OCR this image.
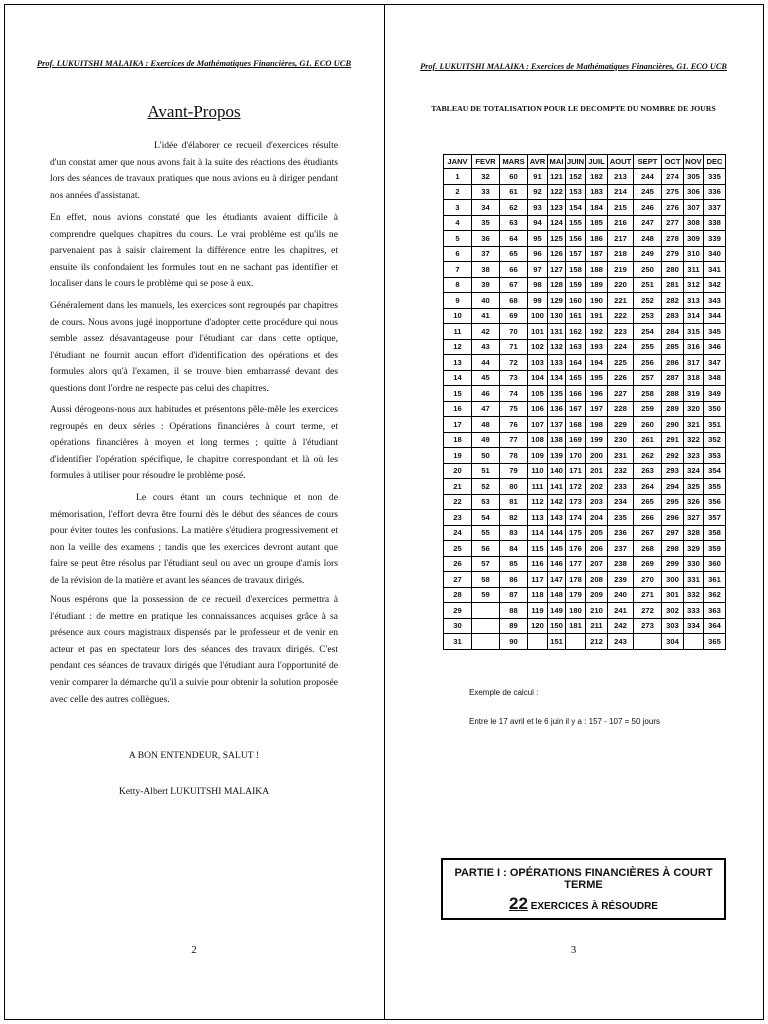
Prof. LUKUITSHI MALAIKA : Exercices de Mathématiques Financières, G1. ECO UCB
Avant-Propos

L'idée d'élaborer ce recueil d'exercices résulte d'un constat amer que nous avons fait à la suite des réactions des étudiants lors des séances de travaux pratiques que nous avions eu à diriger pendant nos années d'assistanat.

En effet, nous avions constaté que les étudiants avaient difficile à comprendre quelques chapitres du cours. Le vrai problème est qu'ils ne parvenaient pas à saisir clairement la différence entre les chapitres, et ensuite ils confondaient les formules tout en ne sachant pas identifier et localiser dans le cours le problème qui se pose à eux.

Généralement dans les manuels, les exercices sont regroupés par chapitres de cours. Nous avons jugé inopportune d'adopter cette procédure qui nous semble assez désavantageuse pour l'étudiant car dans cette optique, l'étudiant ne fournit aucun effort d'identification des opérations et des formules alors qu'à l'examen, il se trouve bien embarrassé devant des questions dont l'ordre ne respecte pas celui des chapitres.

Aussi dérogeons-nous aux habitudes et présentons pêle-mêle les exercices regroupés en deux séries : Opérations financières à court terme, et opérations financières à moyen et long termes ; quitte à l'étudiant d'identifier l'opération spécifique, le chapitre correspondant et là où les formules à utiliser pour résoudre le problème posé.

Le cours étant un cours technique et non de mémorisation, l'effort devra être fourni dès le début des séances de cours pour éviter toutes les confusions. La matière s'étudiera progressivement et non la veille des examens ; tandis que les exercices devront autant que faire se peut être résolus par l'étudiant seul ou avec un groupe d'amis lors de la révision de la matière et avant les séances de travaux dirigés.

Nous espérons que la possession de ce recueil d'exercices permettra à l'étudiant : de mettre en pratique les connaissances acquises grâce à sa présence aux cours magistraux dispensés par le professeur et de venir en acteur et pas en spectateur lors des séances des travaux dirigés. C'est pendant ces séances de travaux dirigés que l'étudiant aura l'opportunité de venir comparer la démarche qu'il a suivie pour obtenir la solution proposée avec celle des autres collègues.

A BON ENTENDEUR, SALUT !
Ketty-Albert LUKUITSHI MALAIKA
2
Prof. LUKUITSHI MALAIKA : Exercices de Mathématiques Financières, G1. ECO UCB
TABLEAU DE TOTALISATION POUR LE DECOMPTE DU NOMBRE DE JOURS
JANV	FEVR	MARS	AVR	MAI	JUIN	JUIL	AOUT	SEPT	OCT	NOV	DEC
1	32	60	91	121	152	182	213	244	274	305	335
2	33	61	92	122	153	183	214	245	275	306	336
3	34	62	93	123	154	184	215	246	276	307	337
4	35	63	94	124	155	185	216	247	277	308	338
5	36	64	95	125	156	186	217	248	278	309	339
6	37	65	96	126	157	187	218	249	279	310	340
7	38	66	97	127	158	188	219	250	280	311	341
8	39	67	98	128	159	189	220	251	281	312	342
9	40	68	99	129	160	190	221	252	282	313	343
10	41	69	100	130	161	191	222	253	283	314	344
11	42	70	101	131	162	192	223	254	284	315	345
12	43	71	102	132	163	193	224	255	285	316	346
13	44	72	103	133	164	194	225	256	286	317	347
14	45	73	104	134	165	195	226	257	287	318	348
15	46	74	105	135	166	196	227	258	288	319	349
16	47	75	106	136	167	197	228	259	289	320	350
17	48	76	107	137	168	198	229	260	290	321	351
18	49	77	108	138	169	199	230	261	291	322	352
19	50	78	109	139	170	200	231	262	292	323	353
20	51	79	110	140	171	201	232	263	293	324	354
21	52	80	111	141	172	202	233	264	294	325	355
22	53	81	112	142	173	203	234	265	295	326	356
23	54	82	113	143	174	204	235	266	296	327	357
24	55	83	114	144	175	205	236	267	297	328	358
25	56	84	115	145	176	206	237	268	298	329	359
26	57	85	116	146	177	207	238	269	299	330	360
27	58	86	117	147	178	208	239	270	300	331	361
28	59	87	118	148	179	209	240	271	301	332	362
29		88	119	149	180	210	241	272	302	333	363
30		89	120	150	181	211	242	273	303	334	364
31		90		151		212	243		304		365
Exemple de calcul :
Entre le 17 avril et le 6 juin il y a : 157 - 107 = 50 jours
PARTIE I : OPÉRATIONS FINANCIÈRES À COURT TERME
22 EXERCICES À RÉSOUDRE
3
